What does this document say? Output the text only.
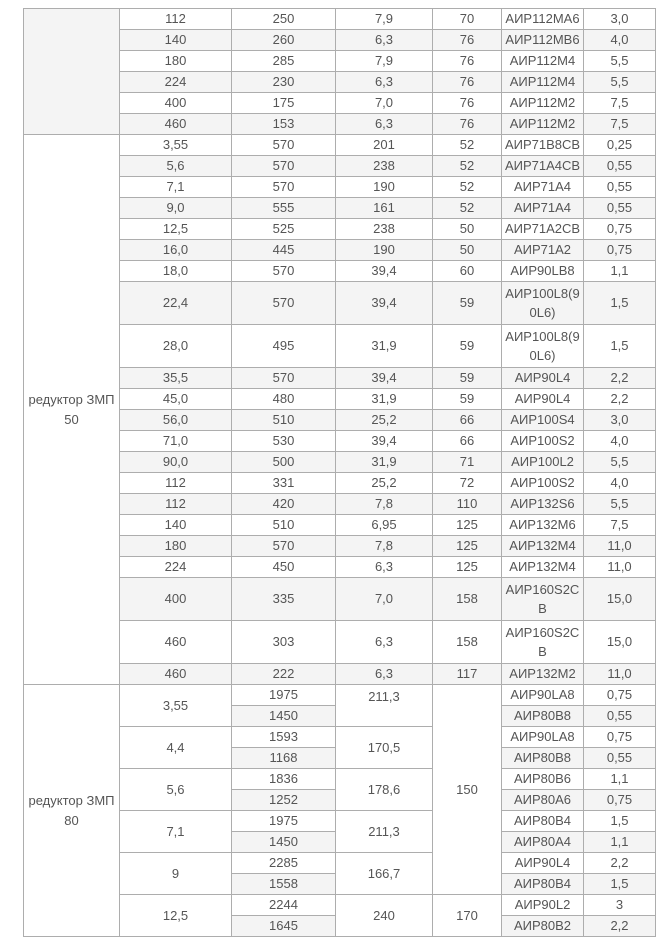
	112	250	7,9	70	АИР112МА6	3,0
	140	260	6,3	76	АИР112МВ6	4,0
	180	285	7,9	76	АИР112М4	5,5
	224	230	6,3	76	АИР112М4	5,5
	400	175	7,0	76	АИР112М2	7,5
	460	153	6,3	76	АИР112М2	7,5
редуктор ЗМП 50	3,55	570	201	52	АИР71В8СВ	0,25
	5,6	570	238	52	АИР71А4СВ	0,55
	7,1	570	190	52	АИР71А4	0,55
	9,0	555	161	52	АИР71А4	0,55
	12,5	525	238	50	АИР71А2СВ	0,75
	16,0	445	190	50	АИР71А2	0,75
	18,0	570	39,4	60	АИР90LB8	1,1
	22,4	570	39,4	59	АИР100L8(90L6)	1,5
	28,0	495	31,9	59	АИР100L8(90L6)	1,5
	35,5	570	39,4	59	АИР90L4	2,2
	45,0	480	31,9	59	АИР90L4	2,2
	56,0	510	25,2	66	АИР100S4	3,0
	71,0	530	39,4	66	АИР100S2	4,0
	90,0	500	31,9	71	АИР100L2	5,5
	112	331	25,2	72	АИР100S2	4,0
	112	420	7,8	110	АИР132S6	5,5
	140	510	6,95	125	АИР132М6	7,5
	180	570	7,8	125	АИР132М4	11,0
	224	450	6,3	125	АИР132М4	11,0
	400	335	7,0	158	АИР160S2СВ	15,0
	460	303	6,3	158	АИР160S2СВ	15,0
	460	222	6,3	117	АИР132М2	11,0
редуктор ЗМП 80	3,55	1975	211,3	150	АИР90LA8	0,75
		1450			АИР80В8	0,55
	4,4	1593	170,5		АИР90LA8	0,75
		1168			АИР80В8	0,55
	5,6	1836	178,6		АИР80В6	1,1
		1252			АИР80А6	0,75
	7,1	1975	211,3		АИР80В4	1,5
		1450			АИР80А4	1,1
	9	2285	166,7		АИР90L4	2,2
		1558			АИР80В4	1,5
	12,5	2244	240	170	АИР90L2	3
		1645			АИР80В2	2,2
